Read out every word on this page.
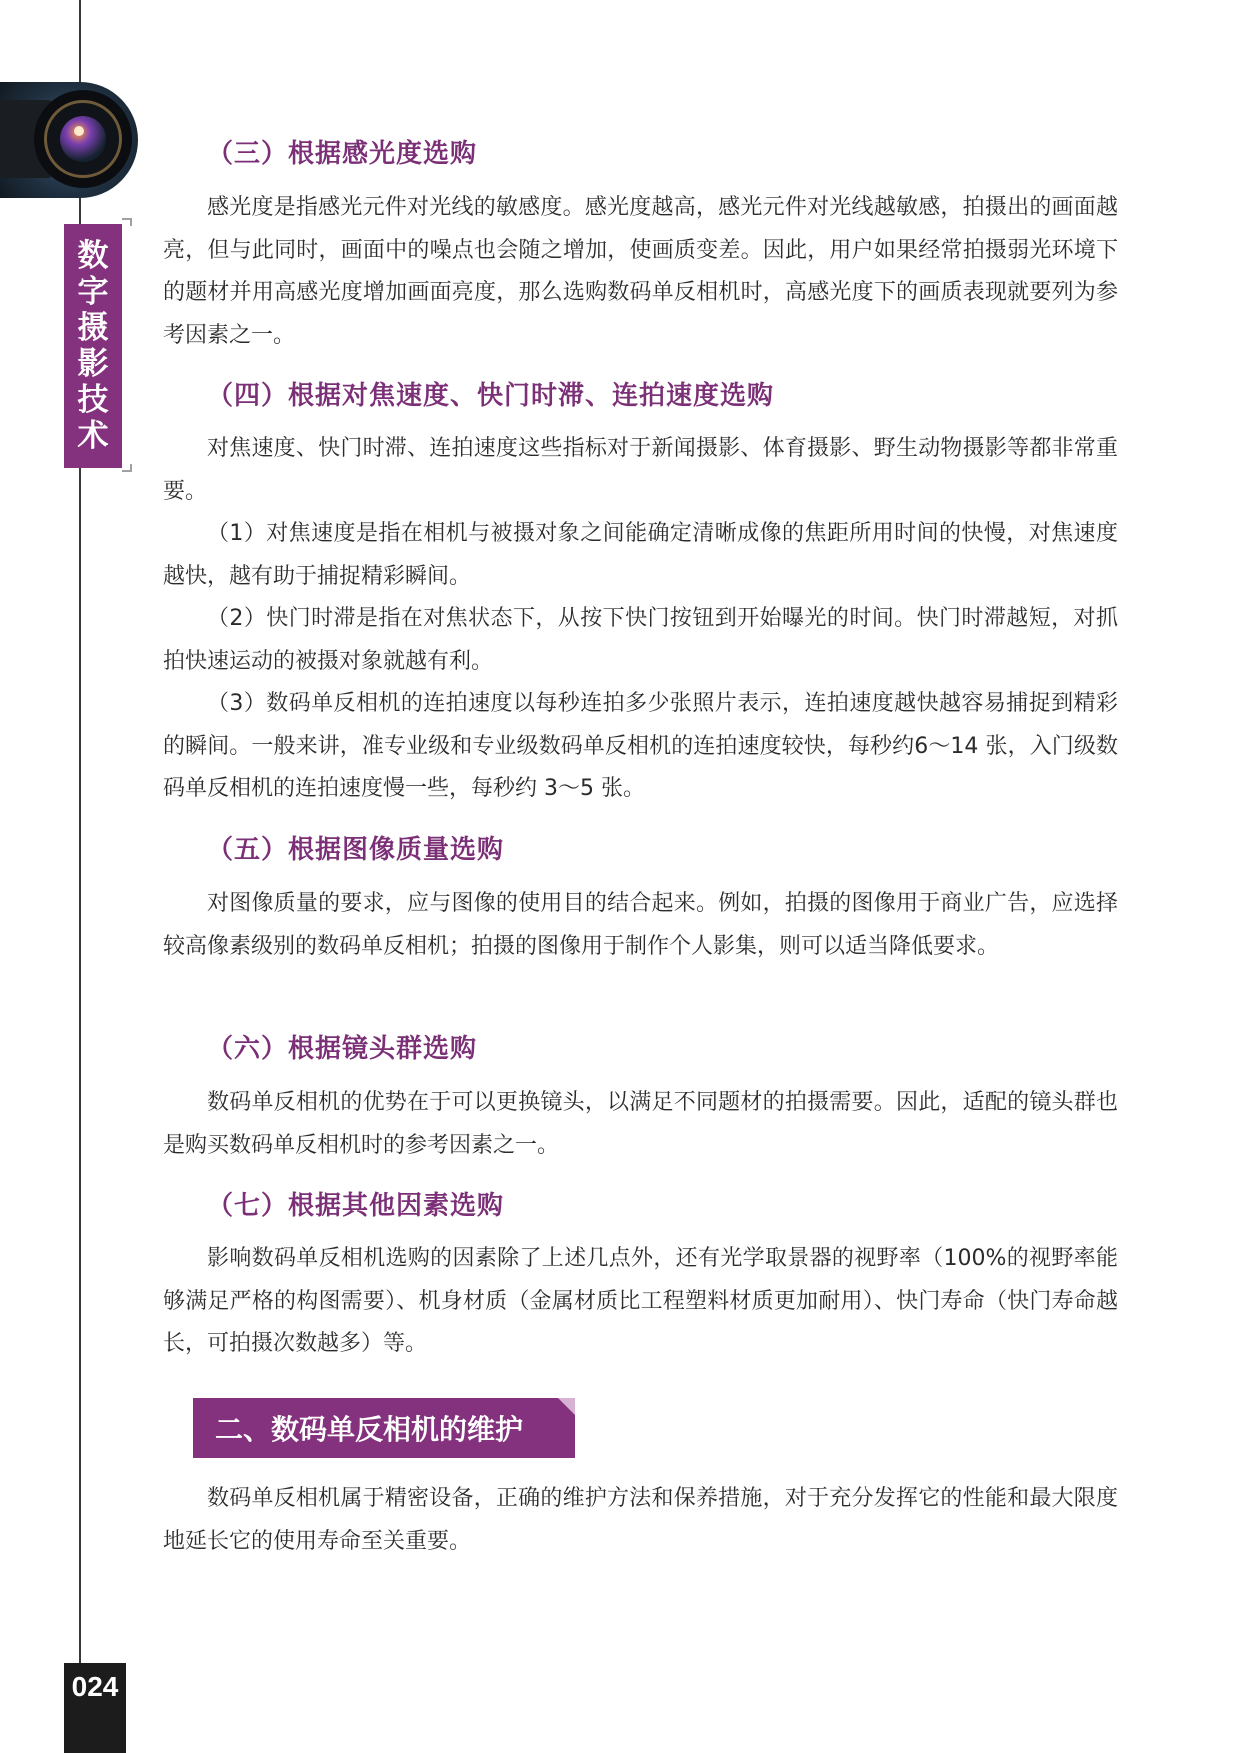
数
字
摄
影
技
术
（三）根据感光度选购

感光度是指感光元件对光线的敏感度。感光度越高，感光元件对光线越敏感，拍摄出的画面越亮，但与此同时，画面中的噪点也会随之增加，使画质变差。因此，用户如果经常拍摄弱光环境下的题材并用高感光度增加画面亮度，那么选购数码单反相机时，高感光度下的画质表现就要列为参考因素之一。

（四）根据对焦速度、快门时滞、连拍速度选购

对焦速度、快门时滞、连拍速度这些指标对于新闻摄影、体育摄影、野生动物摄影等都非常重要。

（1）对焦速度是指在相机与被摄对象之间能确定清晰成像的焦距所用时间的快慢，对焦速度越快，越有助于捕捉精彩瞬间。

（2）快门时滞是指在对焦状态下，从按下快门按钮到开始曝光的时间。快门时滞越短，对抓拍快速运动的被摄对象就越有利。

（3）数码单反相机的连拍速度以每秒连拍多少张照片表示，连拍速度越快越容易捕捉到精彩的瞬间。一般来讲，准专业级和专业级数码单反相机的连拍速度较快，每秒约6～14 张，入门级数码单反相机的连拍速度慢一些，每秒约 3～5 张。

（五）根据图像质量选购

对图像质量的要求，应与图像的使用目的结合起来。例如，拍摄的图像用于商业广告，应选择较高像素级别的数码单反相机；拍摄的图像用于制作个人影集，则可以适当降低要求。

（六）根据镜头群选购

数码单反相机的优势在于可以更换镜头，以满足不同题材的拍摄需要。因此，适配的镜头群也是购买数码单反相机时的参考因素之一。

（七）根据其他因素选购

影响数码单反相机选购的因素除了上述几点外，还有光学取景器的视野率（100%的视野率能够满足严格的构图需要）、机身材质（金属材质比工程塑料材质更加耐用）、快门寿命（快门寿命越长，可拍摄次数越多）等。

二、数码单反相机的维护

数码单反相机属于精密设备，正确的维护方法和保养措施，对于充分发挥它的性能和最大限度地延长它的使用寿命至关重要。

024
